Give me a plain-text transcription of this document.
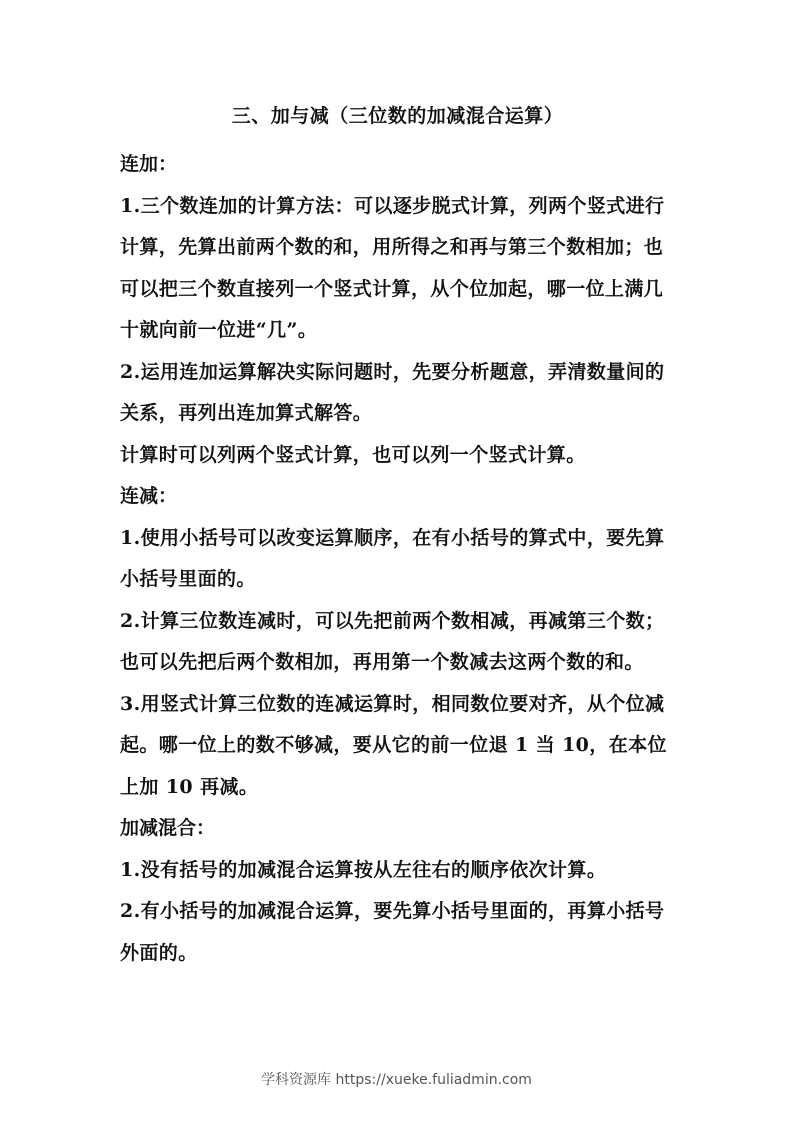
三、加与减（三位数的加减混合运算）
连加：
1.三个数连加的计算方法：可以逐步脱式计算，列两个竖式进行计算，先算出前两个数的和，用所得之和再与第三个数相加；也可以把三个数直接列一个竖式计算，从个位加起，哪一位上满几十就向前一位进“几”。
2.运用连加运算解决实际问题时，先要分析题意，弄清数量间的关系，再列出连加算式解答。
计算时可以列两个竖式计算，也可以列一个竖式计算。
连减：
1.使用小括号可以改变运算顺序，在有小括号的算式中，要先算小括号里面的。
2.计算三位数连减时，可以先把前两个数相减，再减第三个数；也可以先把后两个数相加，再用第一个数减去这两个数的和。
3.用竖式计算三位数的连减运算时，相同数位要对齐，从个位减起。哪一位上的数不够减，要从它的前一位退 1 当 10，在本位上加 10 再减。
加减混合：
1.没有括号的加减混合运算按从左往右的顺序依次计算。
2.有小括号的加减混合运算，要先算小括号里面的，再算小括号外面的。
学科资源库 https://xueke.fuliadmin.com
